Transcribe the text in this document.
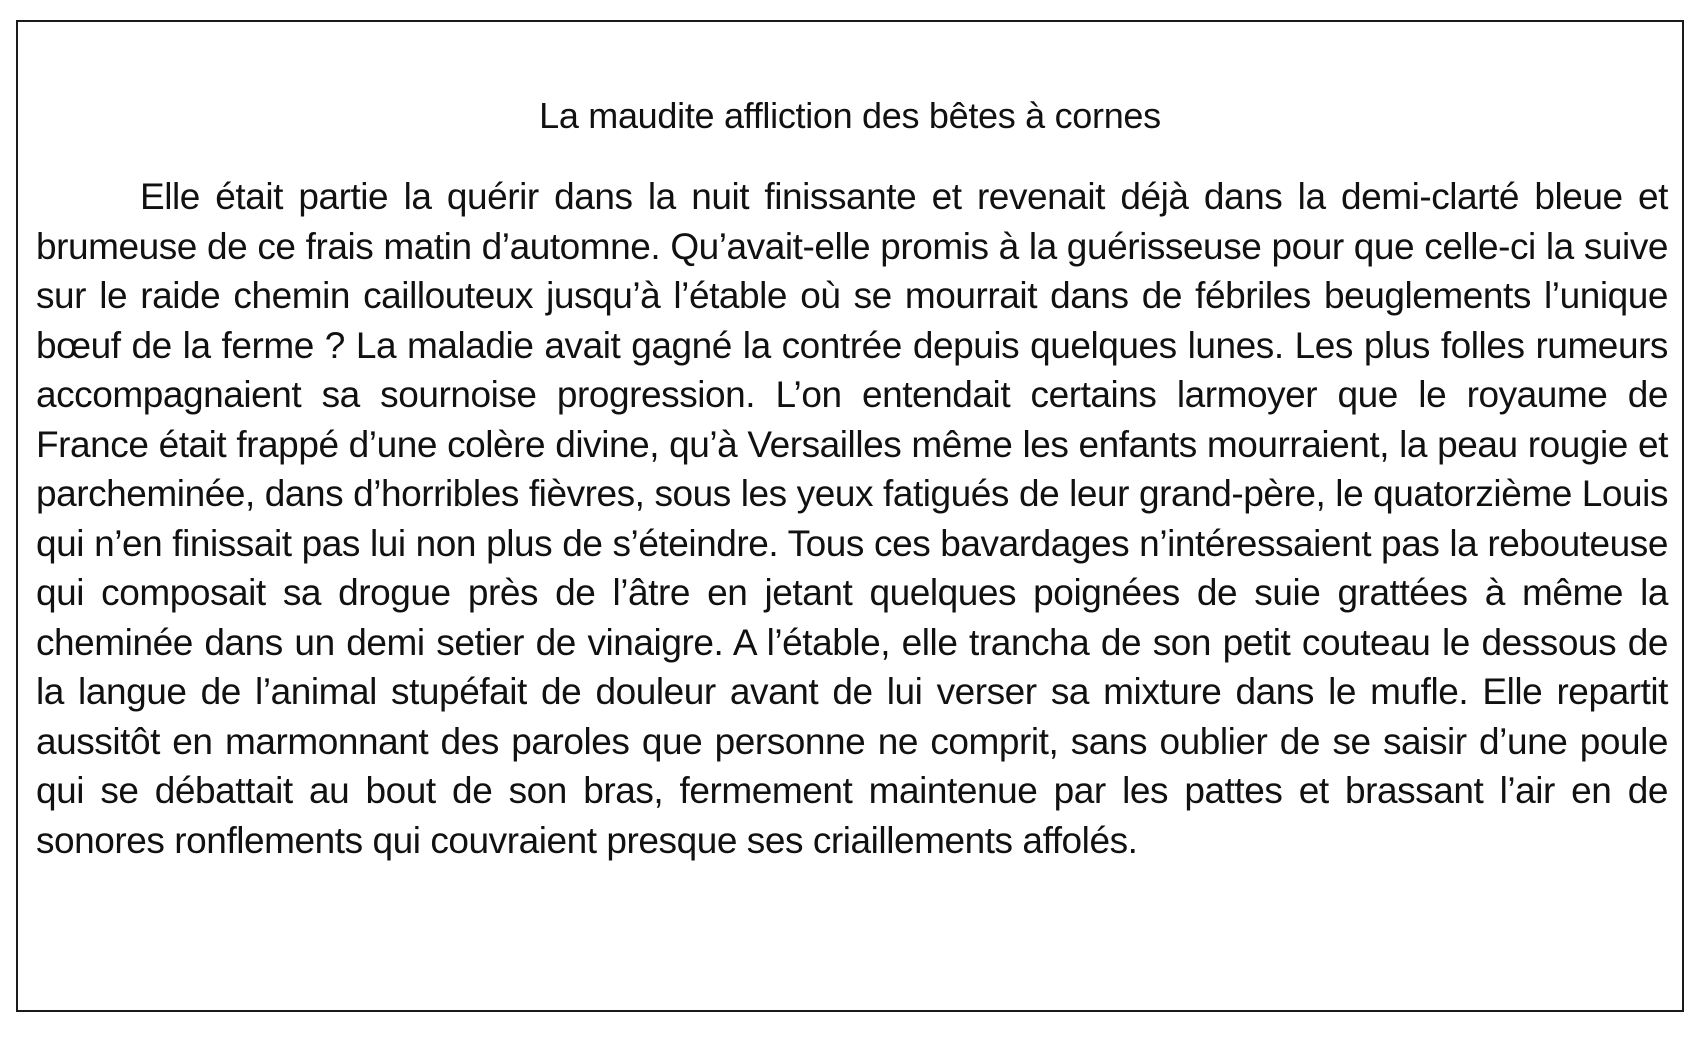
La maudite affliction des bêtes à cornes

Elle était partie la quérir dans la nuit finissante et revenait déjà dans la demi-clarté bleue et brumeuse de ce frais matin d’automne. Qu’avait-elle promis à la guérisseuse pour que celle-ci la suive sur le raide chemin caillouteux jusqu’à l’étable où se mourrait dans de fébriles beuglements l’unique bœuf de la ferme ? La maladie avait gagné la contrée depuis quelques lunes. Les plus folles rumeurs accompagnaient sa sournoise progression. L’on entendait certains larmoyer que le royaume de France était frappé d’une colère divine, qu’à Versailles même les enfants mourraient, la peau rougie et parcheminée, dans d’horribles fièvres, sous les yeux fatigués de leur grand-père, le quatorzième Louis qui n’en finissait pas lui non plus de s’éteindre. Tous ces bavardages n’intéressaient pas la rebouteuse qui composait sa drogue près de l’âtre en jetant quelques poignées de suie grattées à même la cheminée dans un demi setier de vinaigre. A l’étable, elle trancha de son petit couteau le dessous de la langue de l’animal stupéfait de douleur avant de lui verser sa mixture dans le mufle. Elle repartit aussitôt en marmonnant des paroles que personne ne comprit, sans oublier de se saisir d’une poule qui se débattait au bout de son bras, fermement maintenue par les pattes et brassant l’air en de sonores ronflements qui couvraient presque ses criaillements affolés.
